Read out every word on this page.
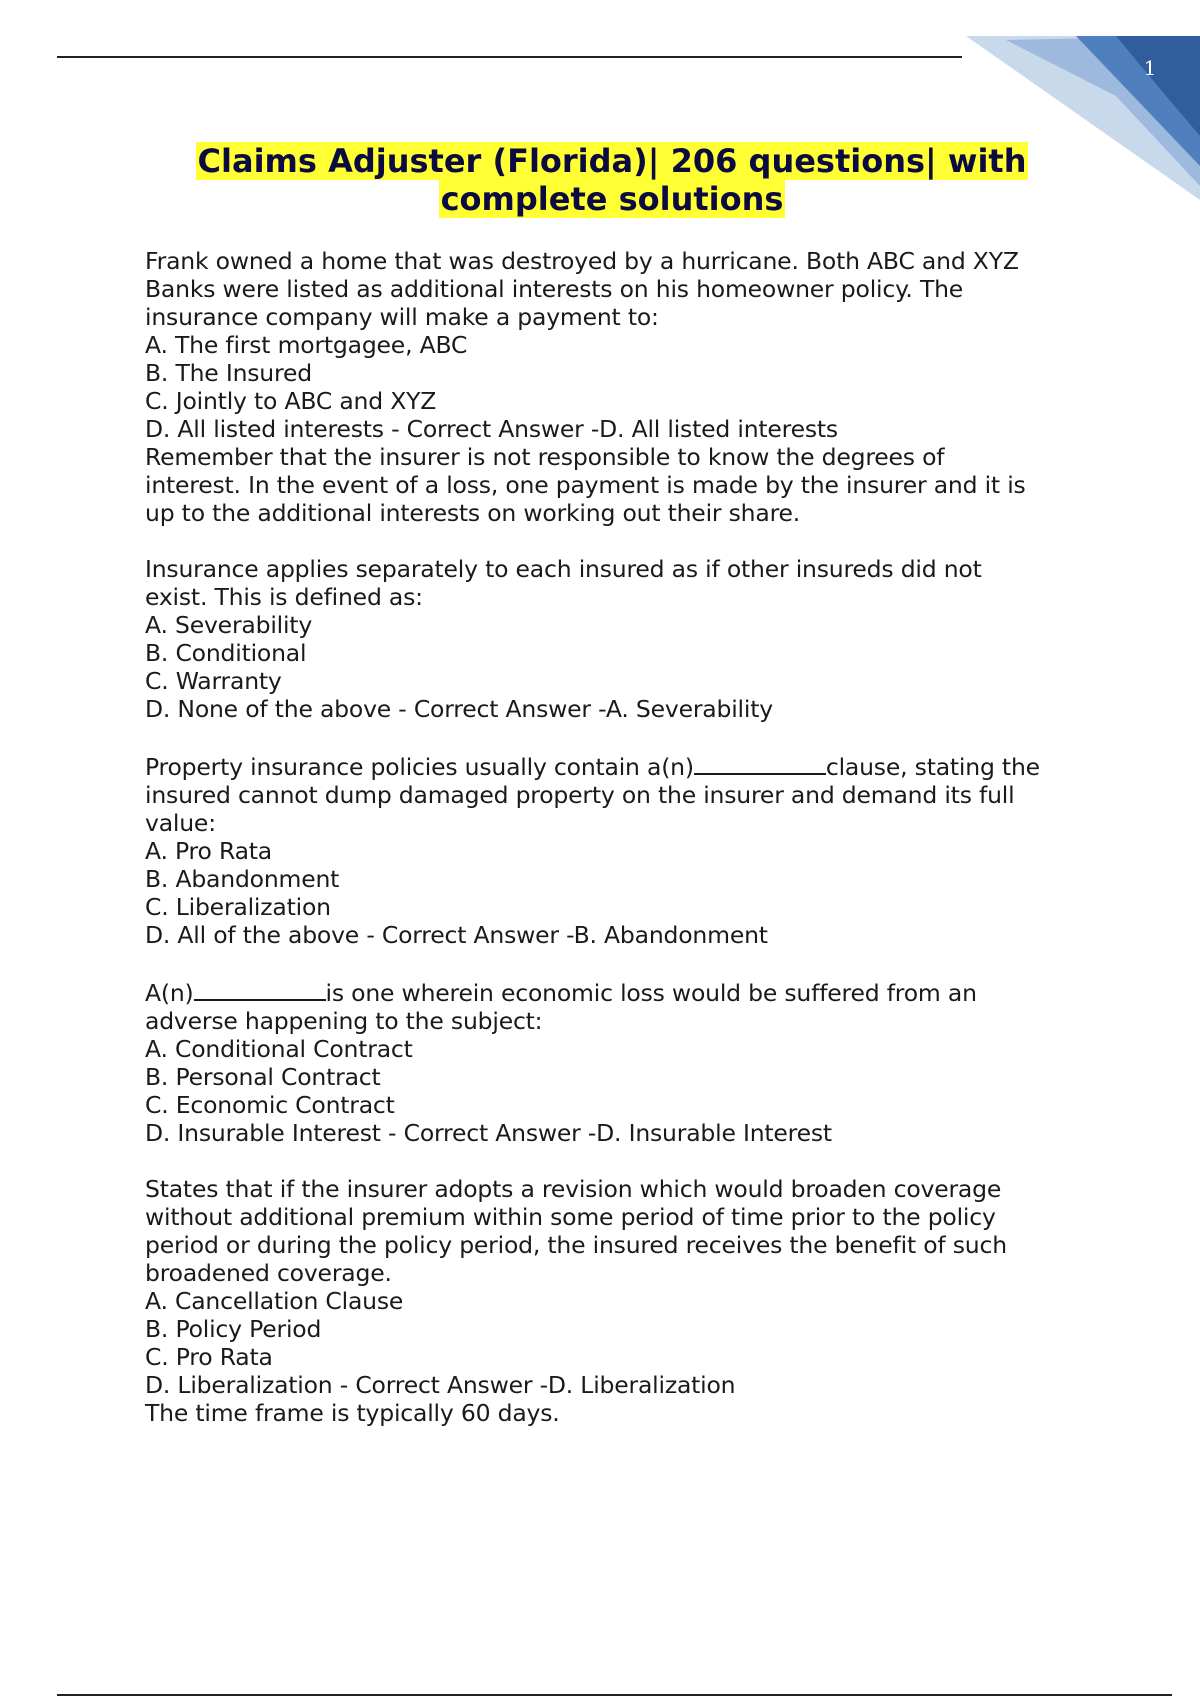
1
Claims Adjuster (Florida)| 206 questions| with
complete solutions
Frank owned a home that was destroyed by a hurricane. Both ABC and XYZ
Banks were listed as additional interests on his homeowner policy. The
insurance company will make a payment to:
A. The first mortgagee, ABC
B. The Insured
C. Jointly to ABC and XYZ
D. All listed interests - Correct Answer -D. All listed interests
Remember that the insurer is not responsible to know the degrees of
interest. In the event of a loss, one payment is made by the insurer and it is
up to the additional interests on working out their share.
Insurance applies separately to each insured as if other insureds did not
exist. This is defined as:
A. Severability
B. Conditional
C. Warranty
D. None of the above - Correct Answer -A. Severability
Property insurance policies usually contain a(n)	clause, stating the
insured cannot dump damaged property on the insurer and demand its full
value:
A. Pro Rata
B. Abandonment
C. Liberalization
D. All of the above - Correct Answer -B. Abandonment
A(n)	is one wherein economic loss would be suffered from an
adverse happening to the subject:
A. Conditional Contract
B. Personal Contract
C. Economic Contract
D. Insurable Interest - Correct Answer -D. Insurable Interest
States that if the insurer adopts a revision which would broaden coverage
without additional premium within some period of time prior to the policy
period or during the policy period, the insured receives the benefit of such
broadened coverage.
A. Cancellation Clause
B. Policy Period
C. Pro Rata
D. Liberalization - Correct Answer -D. Liberalization
The time frame is typically 60 days.
